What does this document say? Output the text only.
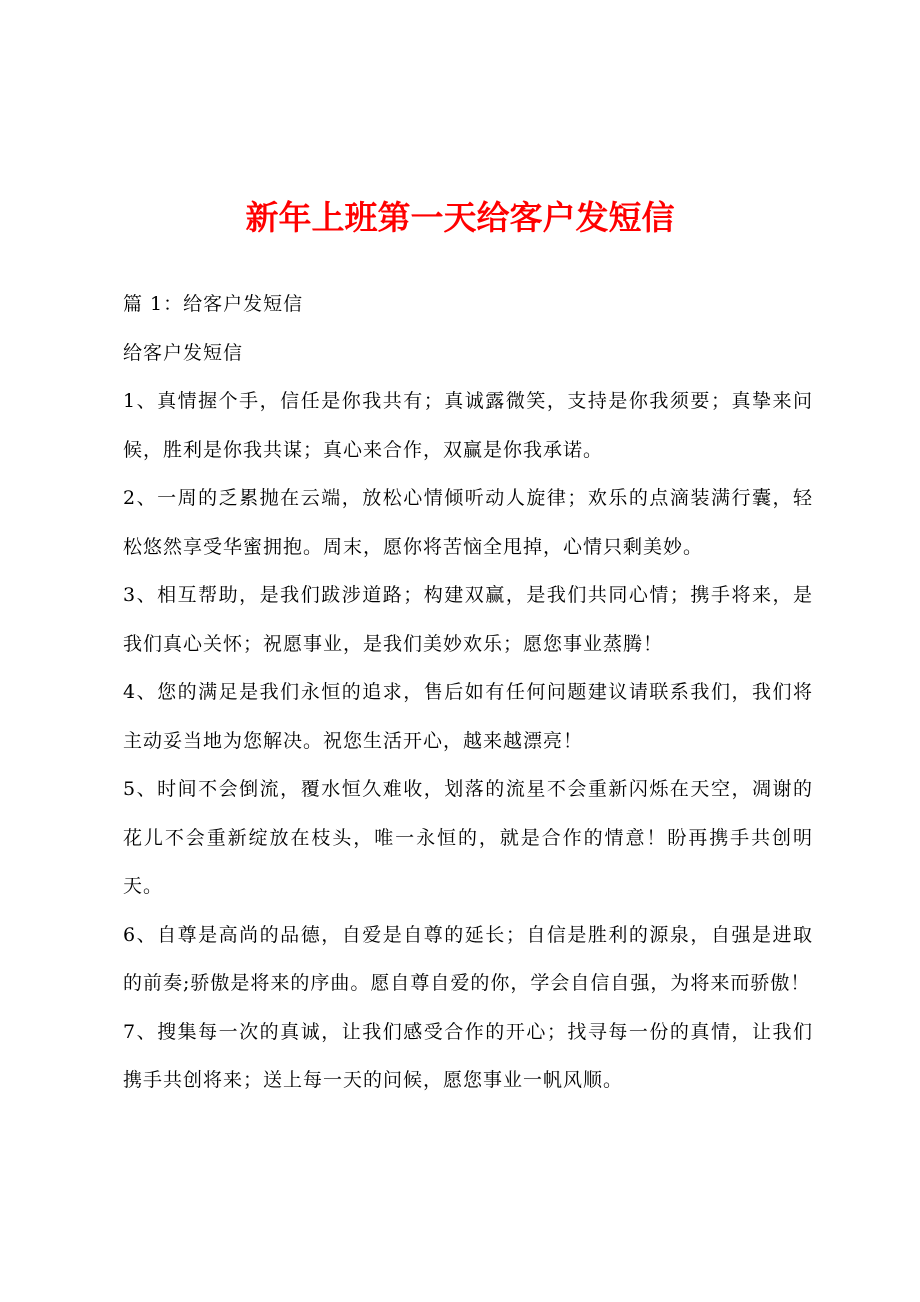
新年上班第一天给客户发短信

篇 1：给客户发短信

给客户发短信

1、真情握个手，信任是你我共有；真诚露微笑，支持是你我须要；真挚来问候，胜利是你我共谋；真心来合作，双赢是你我承诺。

2、一周的乏累抛在云端，放松心情倾听动人旋律；欢乐的点滴装满行囊，轻松悠然享受华蜜拥抱。周末，愿你将苦恼全甩掉，心情只剩美妙。

3、相互帮助，是我们跋涉道路；构建双赢，是我们共同心情；携手将来，是我们真心关怀；祝愿事业，是我们美妙欢乐；愿您事业蒸腾！

4、您的满足是我们永恒的追求，售后如有任何问题建议请联系我们，我们将主动妥当地为您解决。祝您生活开心，越来越漂亮！

5、时间不会倒流，覆水恒久难收，划落的流星不会重新闪烁在天空，凋谢的花儿不会重新绽放在枝头，唯一永恒的，就是合作的情意！盼再携手共创明天。

6、自尊是高尚的品德，自爱是自尊的延长；自信是胜利的源泉，自强是进取的前奏;骄傲是将来的序曲。愿自尊自爱的你，学会自信自强，为将来而骄傲！

7、搜集每一次的真诚，让我们感受合作的开心；找寻每一份的真情，让我们携手共创将来；送上每一天的问候，愿您事业一帆风顺。
